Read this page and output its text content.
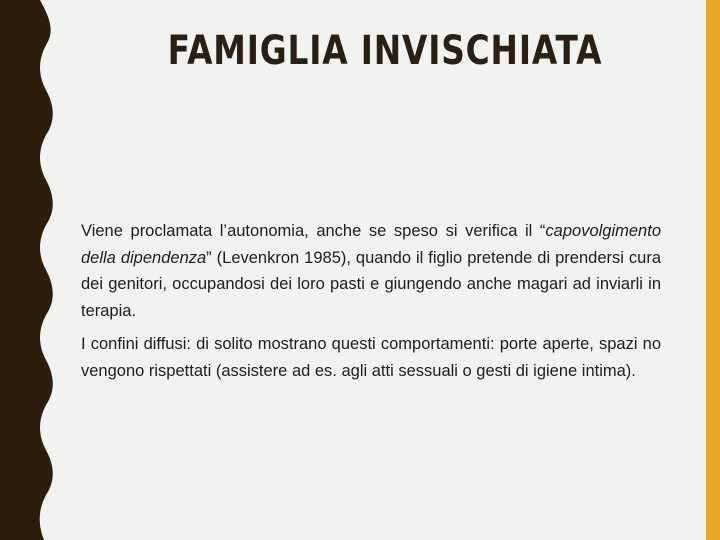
FAMIGLIA INVISCHIATA

Viene proclamata l’autonomia, anche se speso si verifica il “capovolgimento della dipendenza” (Levenkron 1985), quando il figlio pretende di prendersi cura dei genitori, occupandosi dei loro pasti e giungendo anche magari ad inviarli in terapia.

I confini diffusi: di solito mostrano questi comportamenti: porte aperte, spazi no vengono rispettati (assistere ad es. agli atti sessuali o gesti di igiene intima).
